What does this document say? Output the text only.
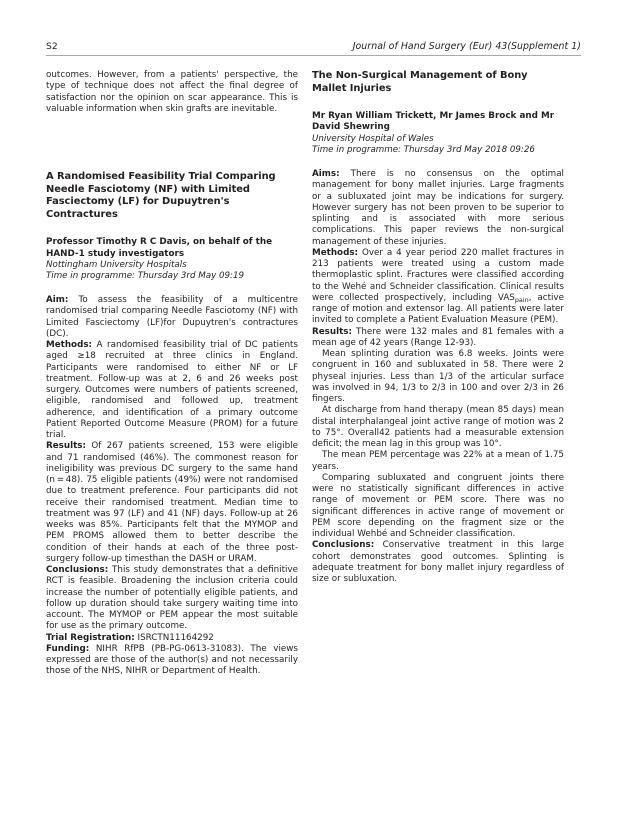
S2	Journal of Hand Surgery (Eur) 43(Supplement 1)

outcomes. However, from a patients' perspective, the type of technique does not affect the final degree of satisfaction nor the opinion on scar appearance. This is valuable information when skin grafts are inevitable.

A Randomised Feasibility Trial Comparing Needle Fasciotomy (NF) with Limited Fasciectomy (LF) for Dupuytren's Contractures
Professor Timothy R C Davis, on behalf of the HAND-1 study investigators
Nottingham University Hospitals
Time in programme: Thursday 3rd May 09:19

Aim: To assess the feasibility of a multicentre randomised trial comparing Needle Fasciotomy (NF) with Limited Fasciectomy (LF)for Dupuytren's contractures (DC).

Methods: A randomised feasibility trial of DC patients aged ≥18 recruited at three clinics in England. Participants were randomised to either NF or LF treatment. Follow-up was at 2, 6 and 26 weeks post surgery. Outcomes were numbers of patients screened, eligible, randomised and followed up, treatment adherence, and identification of a primary outcome Patient Reported Outcome Measure (PROM) for a future trial.

Results: Of 267 patients screened, 153 were eligible and 71 randomised (46%). The commonest reason for ineligibility was previous DC surgery to the same hand (n = 48). 75 eligible patients (49%) were not randomised due to treatment preference. Four participants did not receive their randomised treatment. Median time to treatment was 97 (LF) and 41 (NF) days. Follow-up at 26 weeks was 85%. Participants felt that the MYMOP and PEM PROMS allowed them to better describe the condition of their hands at each of the three post-surgery follow-up timesthan the DASH or URAM.

Conclusions: This study demonstrates that a definitive RCT is feasible. Broadening the inclusion criteria could increase the number of potentially eligible patients, and follow up duration should take surgery waiting time into account. The MYMOP or PEM appear the most suitable for use as the primary outcome.

Trial Registration: ISRCTN11164292

Funding: NIHR RfPB (PB-PG-0613-31083). The views expressed are those of the author(s) and not necessarily those of the NHS, NIHR or Department of Health.

The Non-Surgical Management of Bony Mallet Injuries
Mr Ryan William Trickett, Mr James Brock and Mr David Shewring
University Hospital of Wales
Time in programme: Thursday 3rd May 2018 09:26

Aims: There is no consensus on the optimal management for bony mallet injuries. Large fragments or a subluxated joint may be indications for surgery. However surgery has not been proven to be superior to splinting and is associated with more serious complications. This paper reviews the non-surgical management of these injuries.

Methods: Over a 4 year period 220 mallet fractures in 213 patients were treated using a custom made thermoplastic splint. Fractures were classified according to the Wehé and Schneider classification. Clinical results were collected prospectively, including $VAS_{pain}$, active range of motion and extensor lag. All patients were later invited to complete a Patient Evaluation Measure (PEM).

Results: There were 132 males and 81 females with a mean age of 42 years (Range 12-93).

Mean splinting duration was 6.8 weeks. Joints were congruent in 160 and subluxated in 58. There were 2 physeal injuries. Less than 1/3 of the articular surface was involved in 94, 1/3 to 2/3 in 100 and over 2/3 in 26 fingers.

At discharge from hand therapy (mean 85 days) mean distal interphalangeal joint active range of motion was 2 to 75°. Overall42 patients had a measurable extension deficit; the mean lag in this group was 10°.

The mean PEM percentage was 22% at a mean of 1.75 years.

Comparing subluxated and congruent joints there were no statistically significant differences in active range of movement or PEM score. There was no significant differences in active range of movement or PEM score depending on the fragment size or the individual Wehbé and Schneider classification.

Conclusions: Conservative treatment in this large cohort demonstrates good outcomes. Splinting is adequate treatment for bony mallet injury regardless of size or subluxation.
